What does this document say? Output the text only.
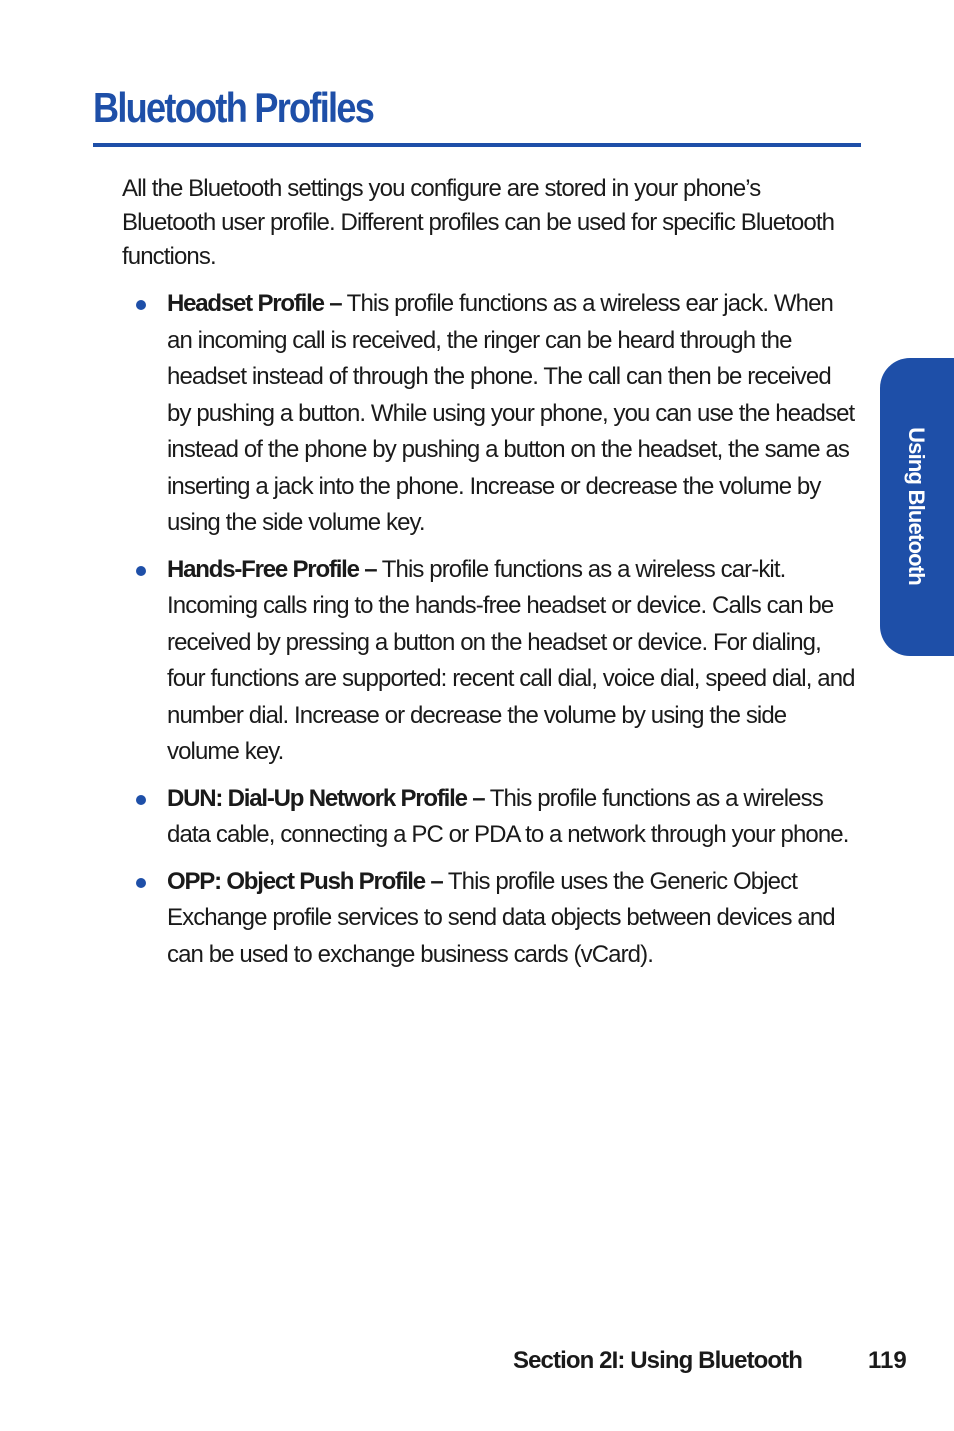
Bluetooth Profiles

All the Bluetooth settings you configure are stored in your phone’s Bluetooth user profile. Different profiles can be used for specific Bluetooth functions.

Headset Profile – This profile functions as a wireless ear jack. When an incoming call is received, the ringer can be heard through the headset instead of through the phone. The call can then be received by pushing a button. While using your phone, you can use the headset instead of the phone by pushing a button on the headset, the same as inserting a jack into the phone. Increase or decrease the volume by using the side volume key.
Hands-Free Profile – This profile functions as a wireless car-kit. Incoming calls ring to the hands-free headset or device. Calls can be received by pressing a button on the headset or device. For dialing, four functions are supported: recent call dial, voice dial, speed dial, and number dial. Increase or decrease the volume by using the side volume key.
DUN: Dial-Up Network Profile – This profile functions as a wireless data cable, connecting a PC or PDA to a network through your phone.
OPP: Object Push Profile – This profile uses the Generic Object Exchange profile services to send data objects between devices and can be used to exchange business cards (vCard).
Using Bluetooth
Section 2I: Using Bluetooth	119
